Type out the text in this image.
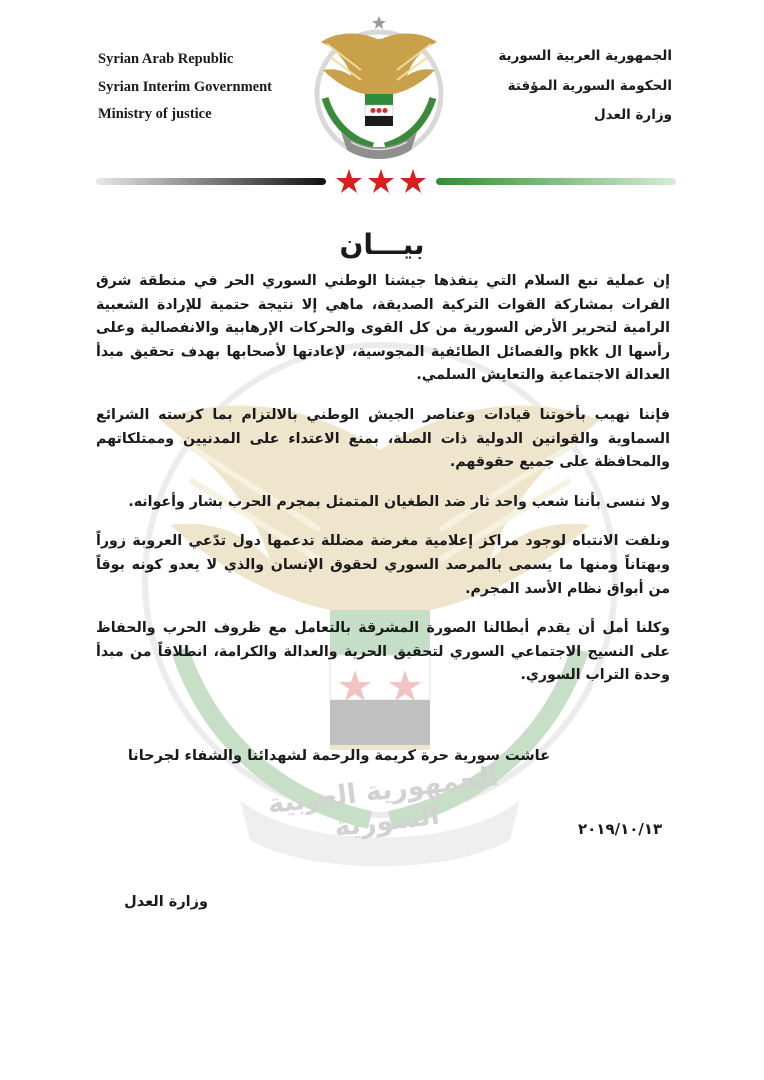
الجمهورية العربية السورية
Syrian Arab Republic
Syrian Interim Government
Ministry of justice
الجمهورية العربية السورية
الحكومة السورية المؤقتة
وزارة العدل
بيـــان

إن عملية نبع السلام التي ينفذها جيشنا الوطني السوري الحر في منطقة شرق الفرات بمشاركة القوات التركية الصديقة، ماهي إلا نتيجة حتمية للإرادة الشعبية الرامية لتحرير الأرض السورية من كل القوى والحركات الإرهابية والانفصالية وعلى رأسها ال pkk والفصائل الطائفية المجوسية، لإعادتها لأصحابها بهدف تحقيق مبدأ العدالة الاجتماعية والتعايش السلمي.

فإننا نهيب بأخوتنا قيادات وعناصر الجيش الوطني بالالتزام بما كرسته الشرائع السماوية والقوانين الدولية ذات الصلة، بمنع الاعتداء على المدنيين وممتلكاتهم والمحافظة على جميع حقوقهم.

ولا ننسى بأننا شعب واحد ثار ضد الطغيان المتمثل بمجرم الحرب بشار وأعوانه.

ونلفت الانتباه لوجود مراكز إعلامية مغرضة مضللة تدعمها دول تدّعي العروبة زوراً وبهتاناً ومنها ما يسمى بالمرصد السوري لحقوق الإنسان والذي لا يعدو كونه بوقاً من أبواق نظام الأسد المجرم.

وكلنا أمل أن يقدم أبطالنا الصورة المشرقة بالتعامل مع ظروف الحرب والحفاظ على النسيج الاجتماعي السوري لتحقيق الحرية والعدالة والكرامة، انطلاقاً من مبدأ وحدة التراب السوري.

عاشت سورية حرة كريمة والرحمة لشهدائنا والشفاء لجرحانا
٢٠١٩/١٠/١٣
وزارة العدل
